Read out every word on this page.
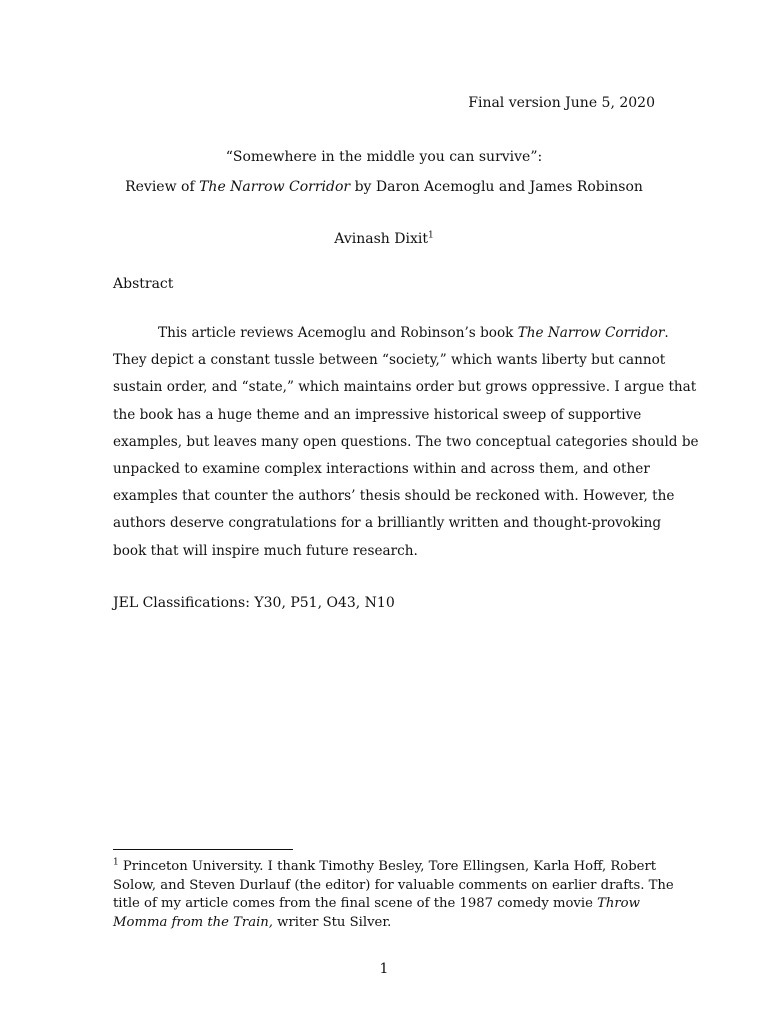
Final version June 5, 2020
“Somewhere in the middle you can survive”:
Review of The Narrow Corridor by Daron Acemoglu and James Robinson
Avinash Dixit$^1$
Abstract
This article reviews Acemoglu and Robinson’s book The Narrow Corridor.
They depict a constant tussle between “society,” which wants liberty but cannot
sustain order, and “state,” which maintains order but grows oppressive. I argue that
the book has a huge theme and an impressive historical sweep of supportive
examples, but leaves many open questions. The two conceptual categories should be
unpacked to examine complex interactions within and across them, and other
examples that counter the authors’ thesis should be reckoned with. However, the
authors deserve congratulations for a brilliantly written and thought-provoking
book that will inspire much future research.
JEL Classifications: Y30, P51, O43, N10
$^1$ Princeton University. I thank Timothy Besley, Tore Ellingsen, Karla Hoff, Robert
Solow, and Steven Durlauf (the editor) for valuable comments on earlier drafts. The
title of my article comes from the final scene of the 1987 comedy movie Throw
Momma from the Train, writer Stu Silver.
1
